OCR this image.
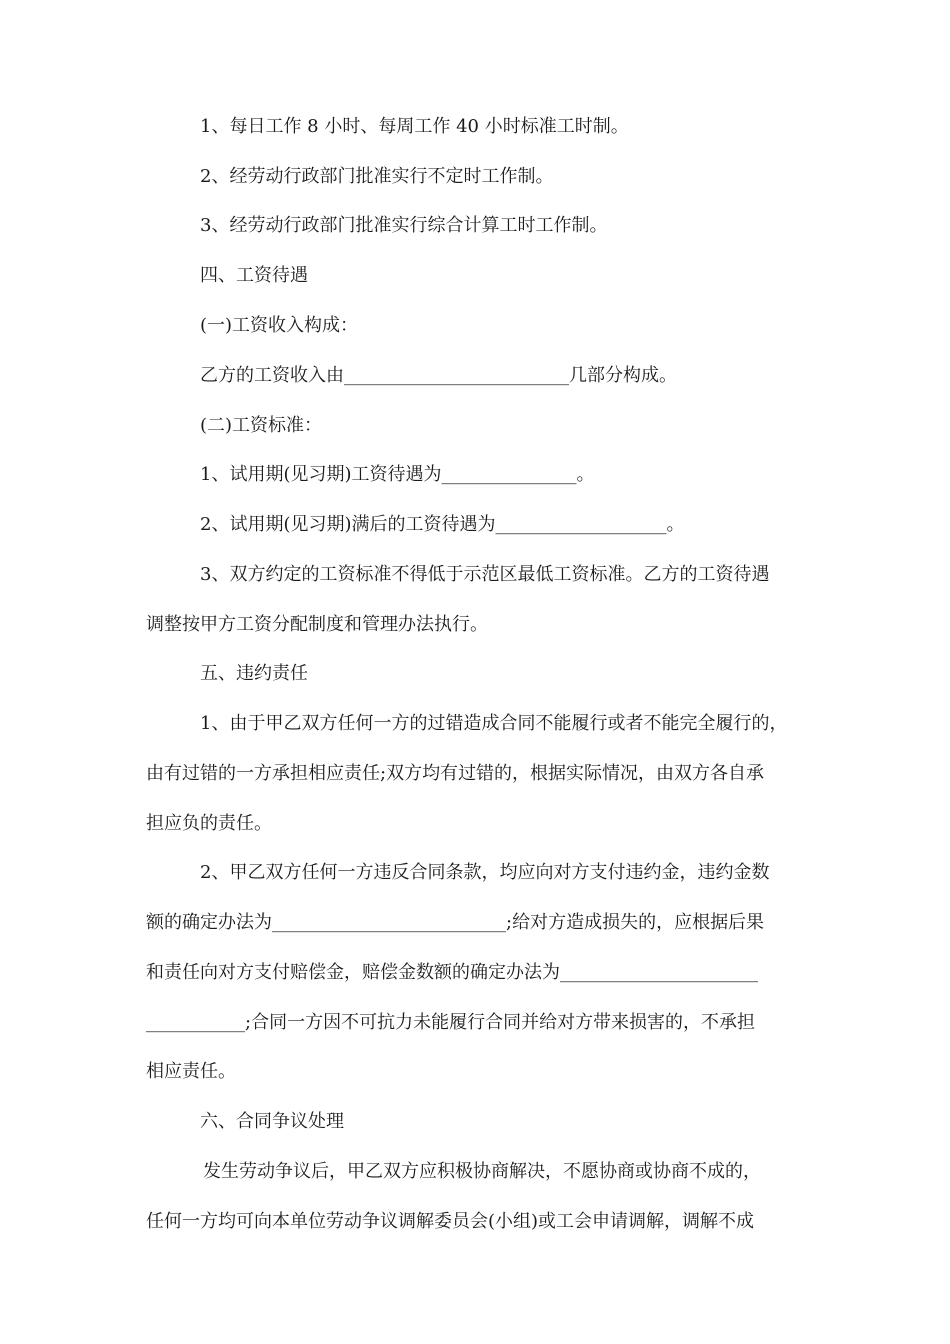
1、每日工作 8 小时、每周工作 40 小时标准工时制。
2、经劳动行政部门批准实行不定时工作制。
3、经劳动行政部门批准实行综合计算工时工作制。
四、工资待遇
(一)工资收入构成：
乙方的工资收入由_________________________几部分构成。
(二)工资标准：
1、试用期(见习期)工资待遇为_______________。
2、试用期(见习期)满后的工资待遇为___________________。
3、双方约定的工资标准不得低于示范区最低工资标准。乙方的工资待遇
调整按甲方工资分配制度和管理办法执行。
五、违约责任
1、由于甲乙双方任何一方的过错造成合同不能履行或者不能完全履行的，
由有过错的一方承担相应责任;双方均有过错的，根据实际情况，由双方各自承
担应负的责任。
2、甲乙双方任何一方违反合同条款，均应向对方支付违约金，违约金数
额的确定办法为__________________________;给对方造成损失的，应根据后果
和责任向对方支付赔偿金，赔偿金数额的确定办法为______________________
___________;合同一方因不可抗力未能履行合同并给对方带来损害的，不承担
相应责任。
六、合同争议处理
发生劳动争议后，甲乙双方应积极协商解决，不愿协商或协商不成的，
任何一方均可向本单位劳动争议调解委员会(小组)或工会申请调解，调解不成
